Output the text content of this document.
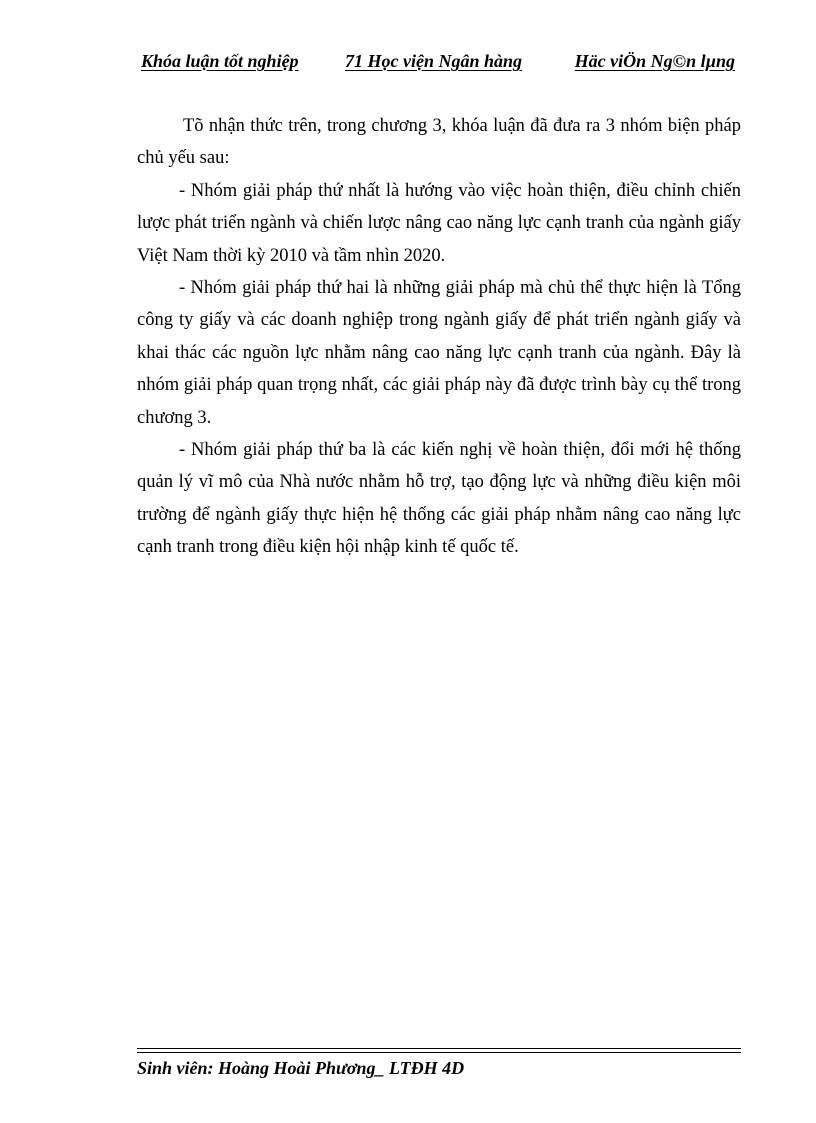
Khóa luận tốt nghiệp	71 Học viện Ngân hàng	Häc viÖn Ng©n lµng

Tõ nhận thức trên, trong chương 3, khóa luận đã đưa ra 3 nhóm biện pháp chủ yếu sau:

- Nhóm giải pháp thứ nhất là hướng vào việc hoàn thiện, điều chỉnh chiến lược phát triển ngành và chiến lược nâng cao năng lực cạnh tranh của ngành giấy Việt Nam thời kỳ 2010 và tầm nhìn 2020.

- Nhóm giải pháp thứ hai là những giải pháp mà chủ thể thực hiện là Tổng công ty giấy và các doanh nghiệp trong ngành giấy để phát triển ngành giấy và khai thác các nguồn lực nhằm nâng cao năng lực cạnh tranh của ngành. Đây là nhóm giải pháp quan trọng nhất, các giải pháp này đã được trình bày cụ thể trong chương 3.

- Nhóm giải pháp thứ ba là các kiến nghị về hoàn thiện, đổi mới hệ thống quản lý vĩ mô của Nhà nước nhằm hỗ trợ, tạo động lực và những điều kiện môi trường để ngành giấy thực hiện hệ thống các giải pháp nhằm nâng cao năng lực cạnh tranh trong điều kiện hội nhập kinh tế quốc tế.

Sinh viên: Hoàng Hoài Phương_ LTĐH 4D
